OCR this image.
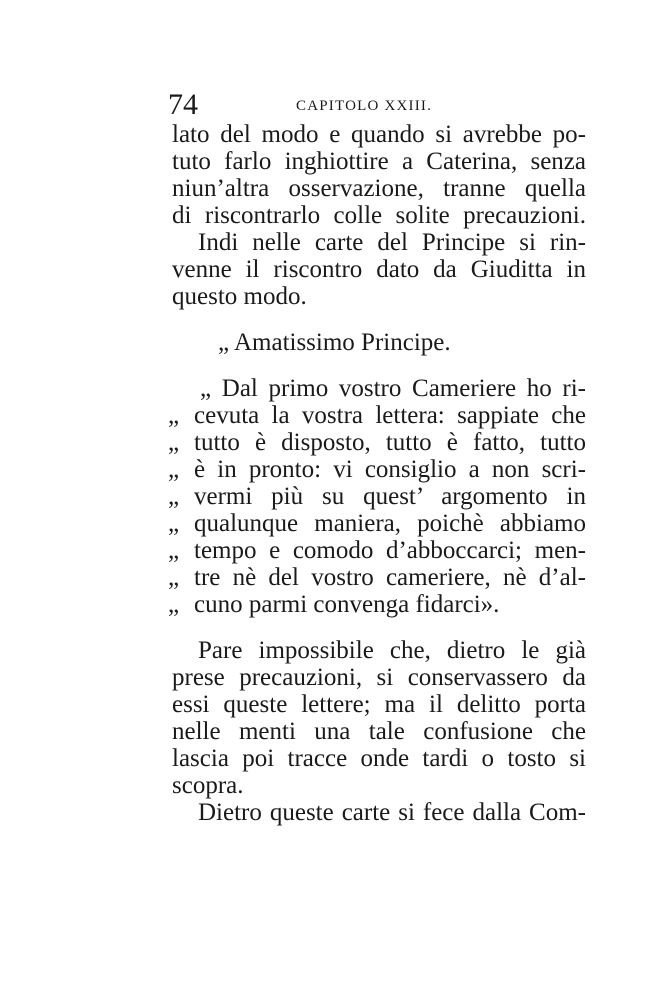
74	CAPITOLO XXIII.
lato del modo e quando si avrebbe po-
tuto farlo inghiottire a Caterina, senza
niun’altra osservazione, tranne quella
di riscontrarlo colle solite precauzioni.
Indi nelle carte del Principe si rin-
venne il riscontro dato da Giuditta in
questo modo.
„ Amatissimo Principe.
„ Dal primo vostro Cameriere ho ri-
„ cevuta la vostra lettera: sappiate che
„ tutto è disposto, tutto è fatto, tutto
„ è in pronto: vi consiglio a non scri-
„ vermi più su quest’ argomento in
„ qualunque maniera, poichè abbiamo
„ tempo e comodo d’abboccarci; men-
„ tre nè del vostro cameriere, nè d’al-
„ cuno parmi convenga fidarci».
Pare impossibile che, dietro le già
prese precauzioni, si conservassero da
essi queste lettere; ma il delitto porta
nelle menti una tale confusione che
lascia poi tracce onde tardi o tosto si
scopra.
Dietro queste carte si fece dalla Com-
